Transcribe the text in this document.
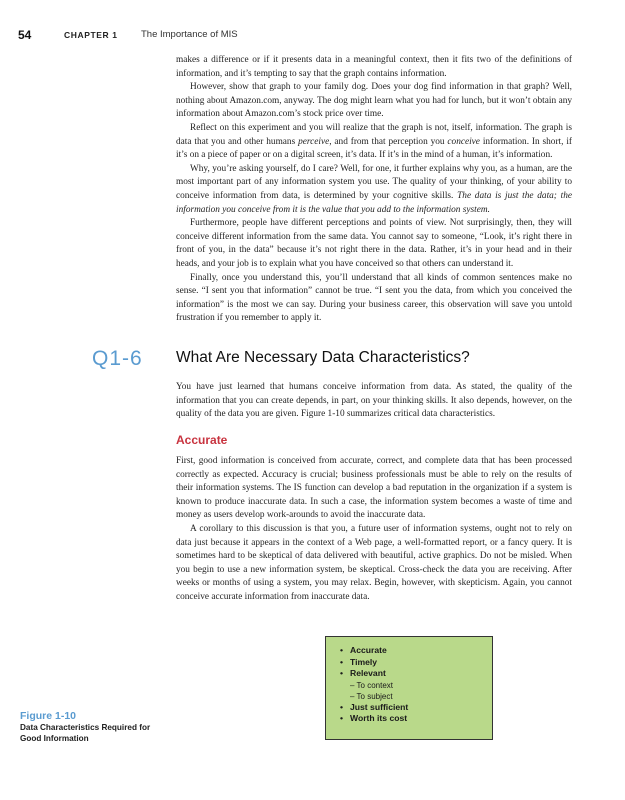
54	CHAPTER 1 The Importance of MIS

makes a difference or if it presents data in a meaningful context, then it fits two of the definitions of information, and it’s tempting to say that the graph contains information.

However, show that graph to your family dog. Does your dog find information in that graph? Well, nothing about Amazon.com, anyway. The dog might learn what you had for lunch, but it won’t obtain any information about Amazon.com’s stock price over time.

Reflect on this experiment and you will realize that the graph is not, itself, information. The graph is data that you and other humans perceive, and from that perception you conceive information. In short, if it’s on a piece of paper or on a digital screen, it’s data. If it’s in the mind of a human, it’s information.

Why, you’re asking yourself, do I care? Well, for one, it further explains why you, as a human, are the most important part of any information system you use. The quality of your thinking, of your ability to conceive information from data, is determined by your cognitive skills. The data is just the data; the information you conceive from it is the value that you add to the information system.

Furthermore, people have different perceptions and points of view. Not surprisingly, then, they will conceive different information from the same data. You cannot say to someone, “Look, it’s right there in front of you, in the data” because it’s not right there in the data. Rather, it’s in your head and in their heads, and your job is to explain what you have conceived so that others can understand it.

Finally, once you understand this, you’ll understand that all kinds of common sentences make no sense. “I sent you that information” cannot be true. “I sent you the data, from which you conceived the information” is the most we can say. During your business career, this observation will save you untold frustration if you remember to apply it.

Q1-6 What Are Necessary Data Characteristics?

You have just learned that humans conceive information from data. As stated, the quality of the information that you can create depends, in part, on your thinking skills. It also depends, however, on the quality of the data you are given. Figure 1-10 summarizes critical data characteristics.

Accurate

First, good information is conceived from accurate, correct, and complete data that has been processed correctly as expected. Accuracy is crucial; business professionals must be able to rely on the results of their information systems. The IS function can develop a bad reputation in the organization if a system is known to produce inaccurate data. In such a case, the information system becomes a waste of time and money as users develop work-arounds to avoid the inaccurate data.

A corollary to this discussion is that you, a future user of information systems, ought not to rely on data just because it appears in the context of a Web page, a well-formatted report, or a fancy query. It is sometimes hard to be skeptical of data delivered with beautiful, active graphics. Do not be misled. When you begin to use a new information system, be skeptical. Cross-check the data you are receiving. After weeks or months of using a system, you may relax. Begin, however, with skepticism. Again, you cannot conceive accurate information from inaccurate data.

• Accurate
• Timely
• Relevant
– To context
– To subject
• Just sufficient
• Worth its cost
Figure 1-10
Data Characteristics Required for Good Information
